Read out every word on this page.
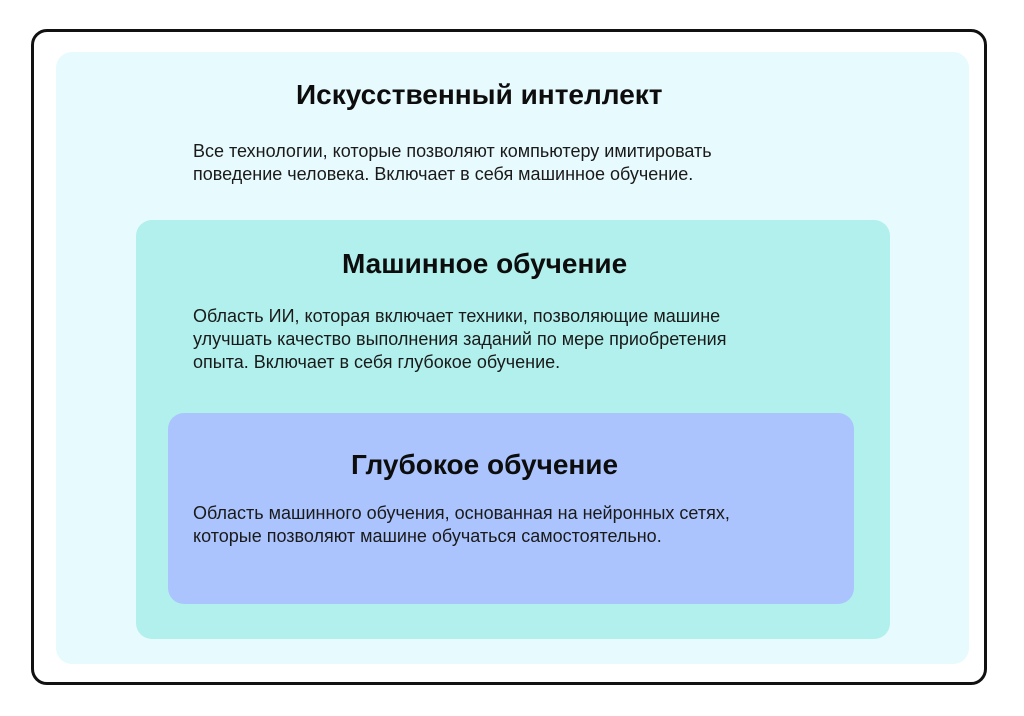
Искусственный интеллект

Все технологии, которые позволяют компьютеру имитировать
поведение человека. Включает в себя машинное обучение.

Машинное обучение

Область ИИ, которая включает техники, позволяющие машине
улучшать качество выполнения заданий по мере приобретения
опыта. Включает в себя глубокое обучение.

Глубокое обучение

Область машинного обучения, основанная на нейронных сетях,
которые позволяют машине обучаться самостоятельно.
